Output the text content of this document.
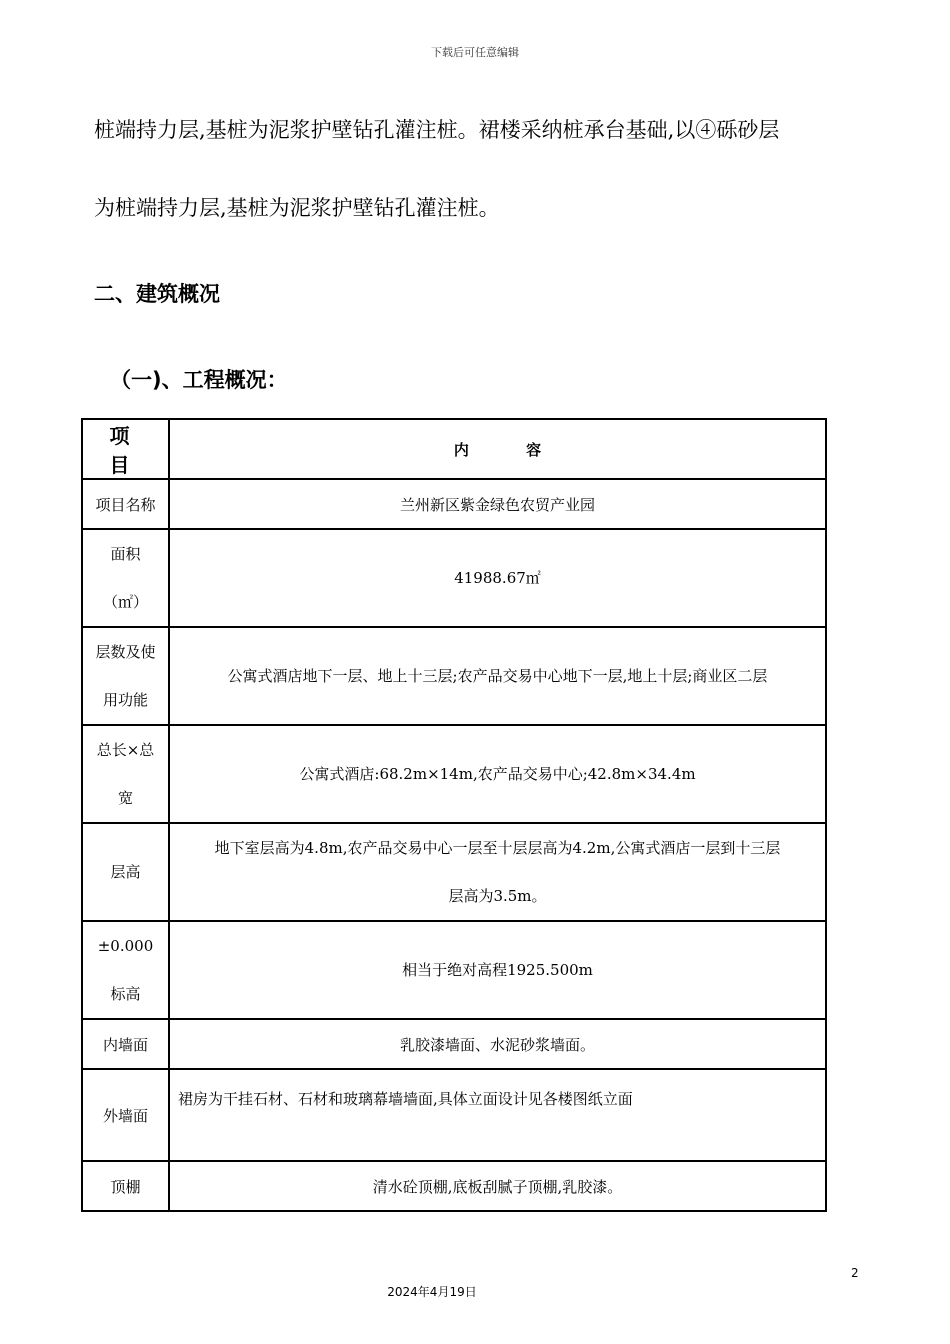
下载后可任意编辑
桩端持力层,基桩为泥浆护壁钻孔灌注桩。裙楼采纳桩承台基础,以④砾砂层
为桩端持力层,基桩为泥浆护壁钻孔灌注桩。
二、建筑概况
（一)、工程概况：
项 目	内 容
项目名称	兰州新区紫金绿色农贸产业园
面积
（㎡）	41988.67㎡
层数及使
用功能	公寓式酒店地下一层、地上十三层;农产品交易中心地下一层,地上十层;商业区二层
总长×总
宽	公寓式酒店:68.2m×14m,农产品交易中心;42.8m×34.4m
层高	地下室层高为4.8m,农产品交易中心一层至十层层高为4.2m,公寓式酒店一层到十三层
层高为3.5m。
±0.000
标高	相当于绝对高程1925.500m
内墙面	乳胶漆墙面、水泥砂浆墙面。
外墙面	裙房为干挂石材、石材和玻璃幕墙墙面,具体立面设计见各楼图纸立面
顶棚	清水砼顶棚,底板刮腻子顶棚,乳胶漆。
2
2024年4月19日
